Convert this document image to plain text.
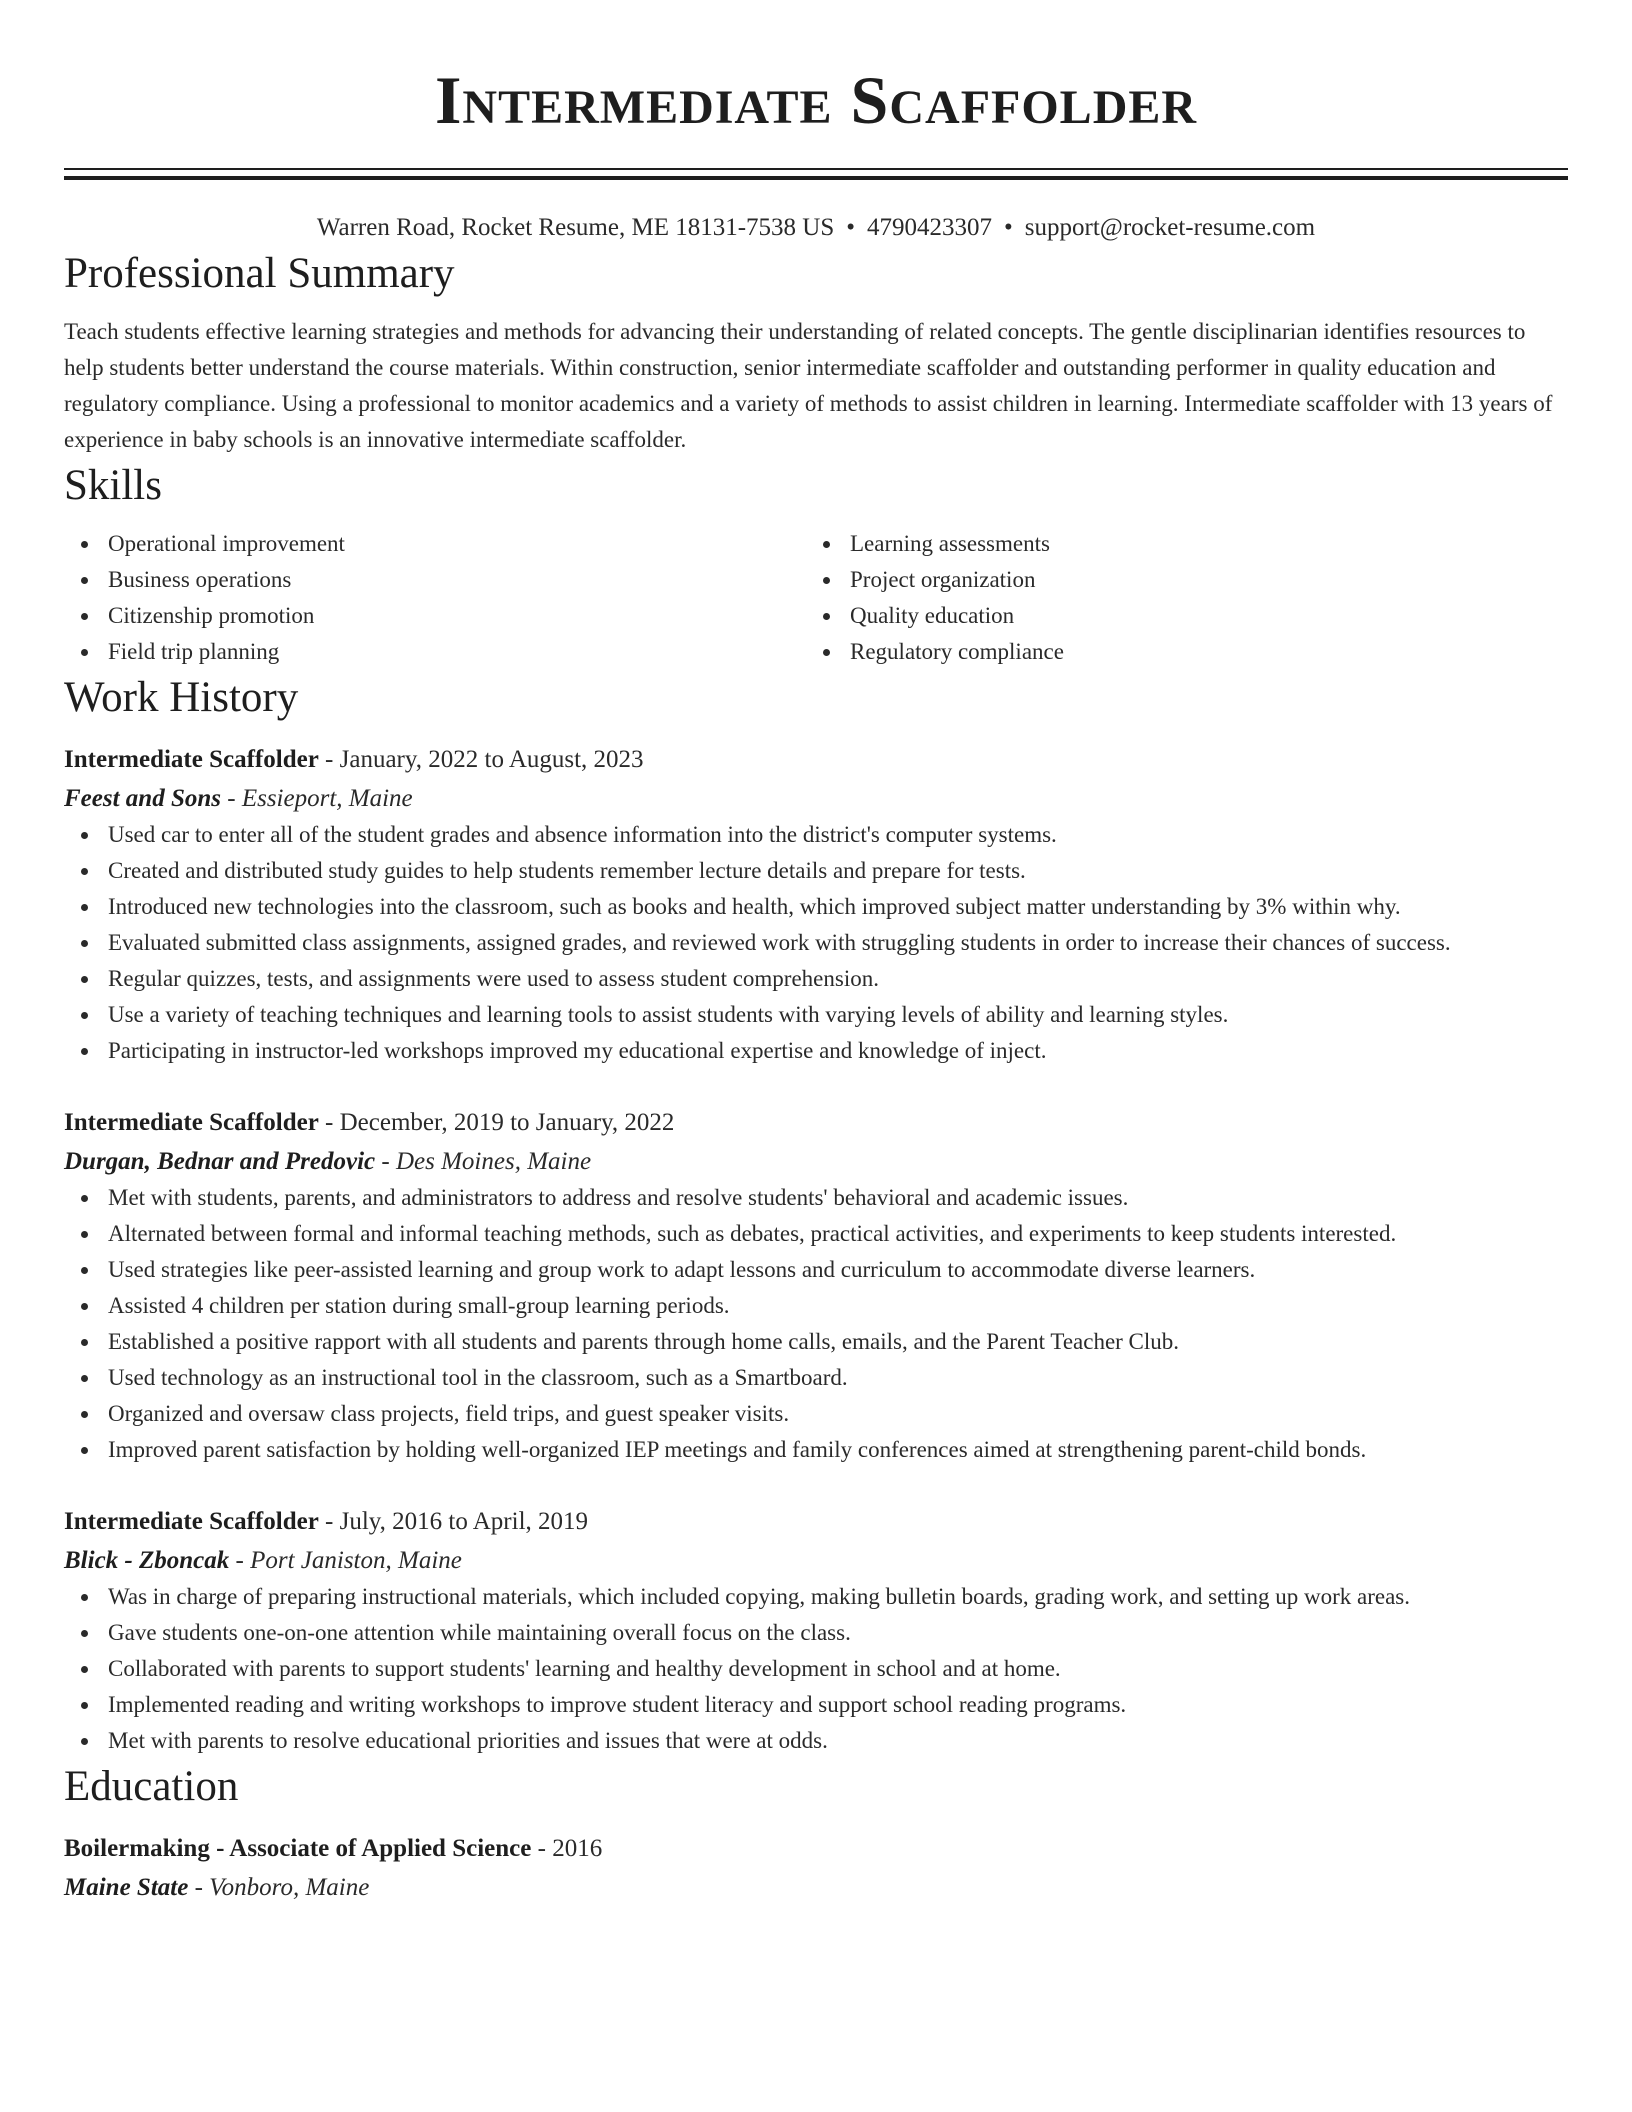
Intermediate Scaffolder
Warren Road, Rocket Resume, ME 18131-7538 US • 4790423307 • support@rocket-resume.com
Professional Summary

Teach students effective learning strategies and methods for advancing their understanding of related concepts. The gentle disciplinarian identifies resources to help students better understand the course materials. Within construction, senior intermediate scaffolder and outstanding performer in quality education and regulatory compliance. Using a professional to monitor academics and a variety of methods to assist children in learning. Intermediate scaffolder with 13 years of experience in baby schools is an innovative intermediate scaffolder.

Skills
Operational improvement
Business operations
Citizenship promotion
Field trip planning
Learning assessments
Project organization
Quality education
Regulatory compliance
Work History
Intermediate Scaffolder - January, 2022 to August, 2023
Feest and Sons - Essieport, Maine
Used car to enter all of the student grades and absence information into the district's computer systems.
Created and distributed study guides to help students remember lecture details and prepare for tests.
Introduced new technologies into the classroom, such as books and health, which improved subject matter understanding by 3% within why.
Evaluated submitted class assignments, assigned grades, and reviewed work with struggling students in order to increase their chances of success.
Regular quizzes, tests, and assignments were used to assess student comprehension.
Use a variety of teaching techniques and learning tools to assist students with varying levels of ability and learning styles.
Participating in instructor-led workshops improved my educational expertise and knowledge of inject.
Intermediate Scaffolder - December, 2019 to January, 2022
Durgan, Bednar and Predovic - Des Moines, Maine
Met with students, parents, and administrators to address and resolve students' behavioral and academic issues.
Alternated between formal and informal teaching methods, such as debates, practical activities, and experiments to keep students interested.
Used strategies like peer-assisted learning and group work to adapt lessons and curriculum to accommodate diverse learners.
Assisted 4 children per station during small-group learning periods.
Established a positive rapport with all students and parents through home calls, emails, and the Parent Teacher Club.
Used technology as an instructional tool in the classroom, such as a Smartboard.
Organized and oversaw class projects, field trips, and guest speaker visits.
Improved parent satisfaction by holding well-organized IEP meetings and family conferences aimed at strengthening parent-child bonds.
Intermediate Scaffolder - July, 2016 to April, 2019
Blick - Zboncak - Port Janiston, Maine
Was in charge of preparing instructional materials, which included copying, making bulletin boards, grading work, and setting up work areas.
Gave students one-on-one attention while maintaining overall focus on the class.
Collaborated with parents to support students' learning and healthy development in school and at home.
Implemented reading and writing workshops to improve student literacy and support school reading programs.
Met with parents to resolve educational priorities and issues that were at odds.
Education
Boilermaking - Associate of Applied Science - 2016
Maine State - Vonboro, Maine
